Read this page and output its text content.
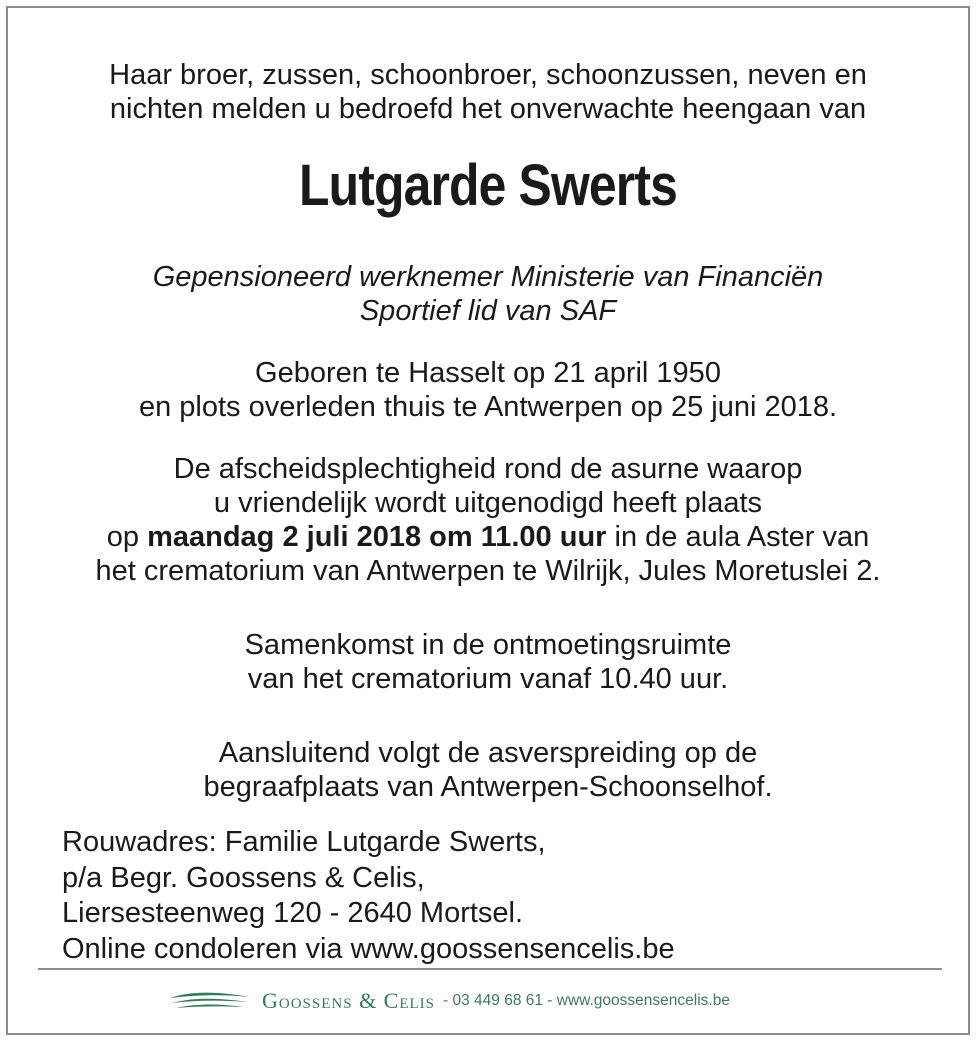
Haar broer, zussen, schoonbroer, schoonzussen, neven en

nichten melden u bedroefd het onverwachte heengaan van

Lutgarde Swerts

Gepensioneerd werknemer Ministerie van Financiën

Sportief lid van SAF

Geboren te Hasselt op 21 april 1950

en plots overleden thuis te Antwerpen op 25 juni 2018.

De afscheidsplechtigheid rond de asurne waarop

u vriendelijk wordt uitgenodigd heeft plaats

op maandag 2 juli 2018 om 11.00 uur in de aula Aster van

het crematorium van Antwerpen te Wilrijk, Jules Moretuslei 2.

Samenkomst in de ontmoetingsruimte

van het crematorium vanaf 10.40 uur.

Aansluitend volgt de asverspreiding op de

begraafplaats van Antwerpen-Schoonselhof.

Rouwadres: Familie Lutgarde Swerts,

p/a Begr. Goossens & Celis,

Liersesteenweg 120 - 2640 Mortsel.

Online condoleren via www.goossensencelis.be

Goossens & Celis - 03 449 68 61 - www.goossensencelis.be
